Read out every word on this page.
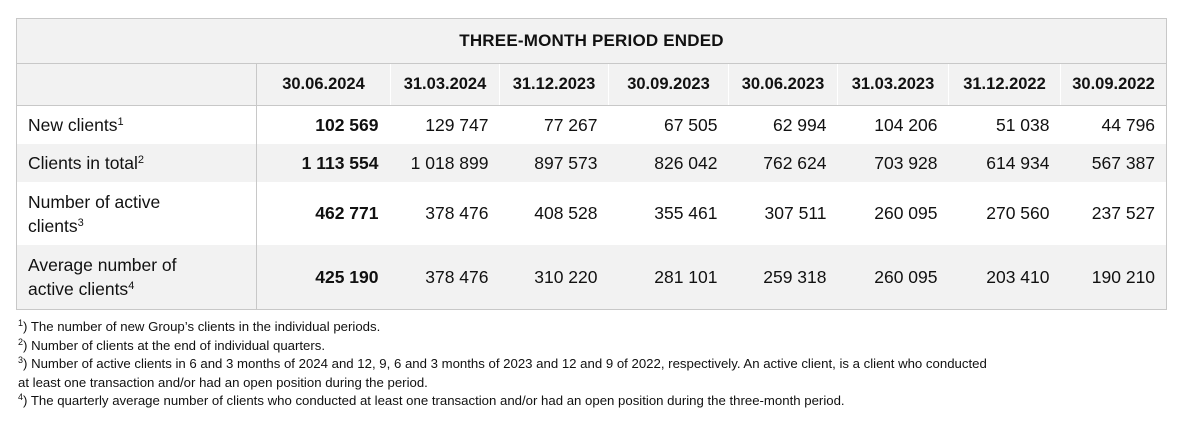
THREE-MONTH PERIOD ENDED								
	30.06.2024	31.03.2024	31.12.2023	30.09.2023	30.06.2023	31.03.2023	31.12.2022	30.09.2022
New clients$^1$	102 569	129 747	77 267	67 505	62 994	104 206	51 038	44 796
Clients in total$^2$	1 113 554	1 018 899	897 573	826 042	762 624	703 928	614 934	567 387
Number of active
clients$^3$	462 771	378 476	408 528	355 461	307 511	260 095	270 560	237 527
Average number of
active clients$^4$	425 190	378 476	310 220	281 101	259 318	260 095	203 410	190 210
$^1$ ) The number of new Group’s clients in the individual periods.
$^2$ ) Number of clients at the end of individual quarters.
$^3$ ) Number of active clients in 6 and 3 months of 2024 and 12, 9, 6 and 3 months of 2023 and 12 and 9 of 2022, respectively. An active client, is a client who conducted
at least one transaction and/or had an open position during the period.
$^4$ ) The quarterly average number of clients who conducted at least one transaction and/or had an open position during the three-month period.
